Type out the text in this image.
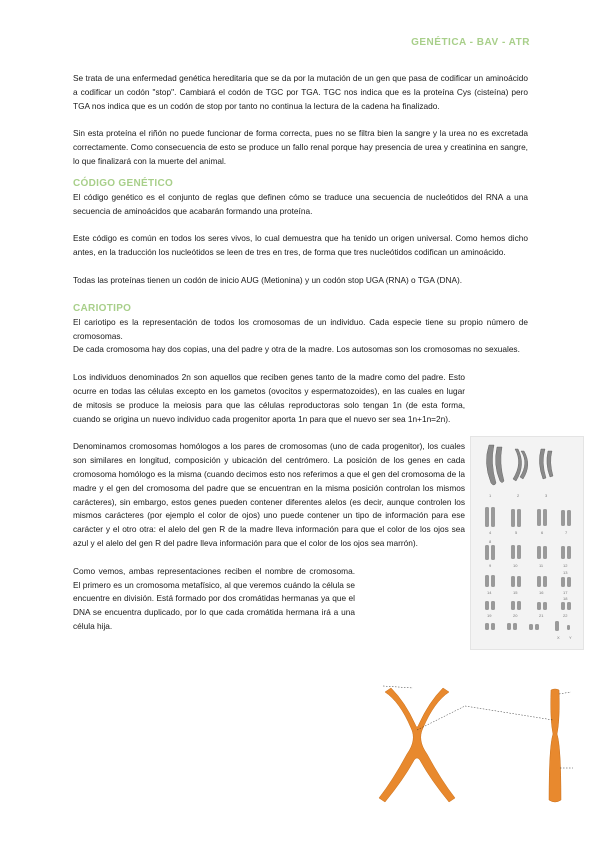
GENÉTICA - BAV - ATR

Se trata de una enfermedad genética hereditaria que se da por la mutación de un gen que pasa de codificar un aminoácido a codificar un codón "stop". Cambiará el codón de TGC por TGA. TGC nos indica que es la proteína Cys (cisteína) pero TGA nos indica que es un codón de stop por tanto no continua la lectura de la cadena ha finalizado.

Sin esta proteína el riñón no puede funcionar de forma correcta, pues no se filtra bien la sangre y la urea no es excretada correctamente. Como consecuencia de esto se produce un fallo renal porque hay presencia de urea y creatinina en sangre, lo que finalizará con la muerte del animal.

CÓDIGO GENÉTICO

El código genético es el conjunto de reglas que definen cómo se traduce una secuencia de nucleótidos del RNA a una secuencia de aminoácidos que acabarán formando una proteína.

Este código es común en todos los seres vivos, lo cual demuestra que ha tenido un origen universal. Como hemos dicho antes, en la traducción los nucleótidos se leen de tres en tres, de forma que tres nucleótidos codifican un aminoácido.

Todas las proteínas tienen un codón de inicio AUG (Metionina) y un codón stop UGA (RNA) o TGA (DNA).

CARIOTIPO

El cariotipo es la representación de todos los cromosomas de un individuo. Cada especie tiene su propio número de cromosomas.

De cada cromosoma hay dos copias, una del padre y otra de la madre. Los autosomas son los cromosomas no sexuales.

Los individuos denominados 2n son aquellos que reciben genes tanto de la madre como del padre. Esto ocurre en todas las células excepto en los gametos (ovocitos y espermatozoides), en las cuales en lugar de mitosis se produce la meiosis para que las células reproductoras solo tengan 1n (de esta forma, cuando se origina un nuevo individuo cada progenitor aporta 1n para que el nuevo ser sea 1n+1n=2n).

Denominamos cromosomas homólogos a los pares de cromosomas (uno de cada progenitor), los cuales son similares en longitud, composición y ubicación del centrómero. La posición de los genes en cada cromosoma homólogo es la misma (cuando decimos esto nos referimos a que el gen del cromosoma de la madre y el gen del cromosoma del padre que se encuentran en la misma posición controlan los mismos carácteres), sin embargo, estos genes pueden contener diferentes alelos (es decir, aunque controlen los mismos carácteres (por ejemplo el color de ojos) uno puede contener un tipo de información para ese carácter y el otro otra: el alelo del gen R de la madre lleva información para que el color de los ojos sea azul y el alelo del gen R del padre lleva información para que el color de los ojos sea marrón).

Como vemos, ambas representaciones reciben el nombre de cromosoma. El primero es un cromosoma metafísico, al que veremos cuándo la célula se encuentre en división. Está formado por dos cromátidas hermanas ya que el DNA se encuentra duplicado, por lo que cada cromátida hermana irá a una célula hija.

1	2	3
4	5	6	7
8
9	10	11	12
13
14	15	16	17
18
19	20	21	22
X Y
